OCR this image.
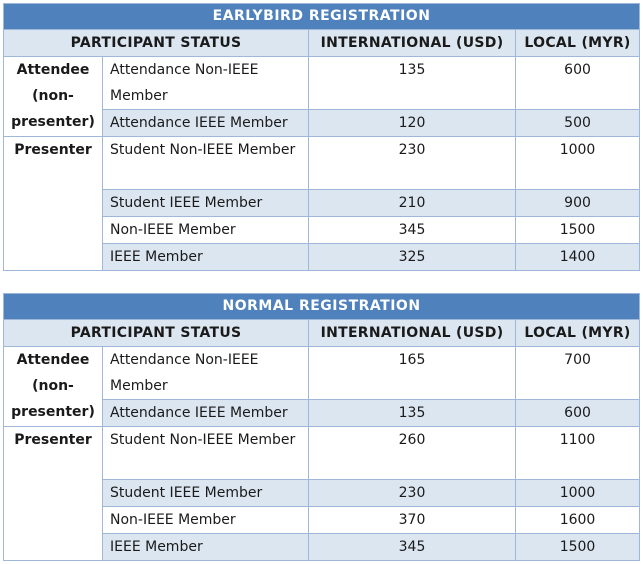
EARLYBIRD REGISTRATION			
PARTICIPANT STATUS		INTERNATIONAL (USD)	LOCAL (MYR)
Attendee (non-presenter)	Attendance Non-IEEE Member	135	600
	Attendance IEEE Member	120	500
Presenter	Student Non-IEEE Member	230	1000
	Student IEEE Member	210	900
	Non-IEEE Member	345	1500
	IEEE Member	325	1400
NORMAL REGISTRATION			
PARTICIPANT STATUS		INTERNATIONAL (USD)	LOCAL (MYR)
Attendee (non-presenter)	Attendance Non-IEEE Member	165	700
	Attendance IEEE Member	135	600
Presenter	Student Non-IEEE Member	260	1100
	Student IEEE Member	230	1000
	Non-IEEE Member	370	1600
	IEEE Member	345	1500
